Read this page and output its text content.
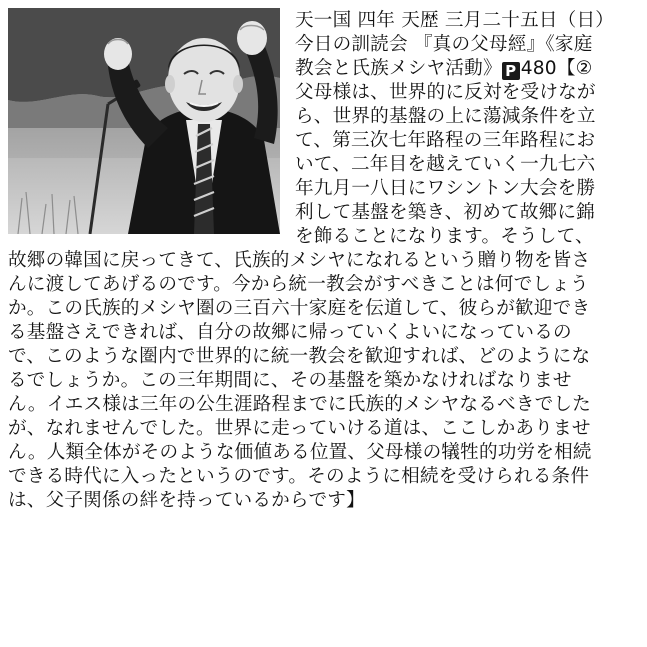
天一国 四年 天歴 三月二十五日（日）
今日の訓読会 『真の父母經』《家庭
教会と氏族メシヤ活動》 P 480【②
父母様は、世界的に反対を受けなが
ら、世界的基盤の上に蕩減条件を立
て、第三次七年路程の三年路程にお
いて、二年目を越えていく一九七六
年九月一八日にワシントン大会を勝
利して基盤を築き、初めて故郷に錦
を飾ることになります。そうして、
故郷の韓国に戻ってきて、氏族的メシヤになれるという贈り物を皆さ
んに渡してあげるのです。今から統一教会がすべきことは何でしょう
か。この氏族的メシヤ圏の三百六十家庭を伝道して、彼らが歓迎でき
る基盤さえできれば、自分の故郷に帰っていくよいになっているの
で、このような圏内で世界的に統一教会を歓迎すれば、どのようにな
るでしょうか。この三年期間に、その基盤を築かなければなりませ
ん。イエス様は三年の公生涯路程までに氏族的メシヤなるべきでした
が、なれませんでした。世界に走っていける道は、ここしかありませ
ん。人類全体がそのような価値ある位置、父母様の犠牲的功労を相続
できる時代に入ったというのです。そのように相続を受けられる条件
は、父子関係の絆を持っているからです】
